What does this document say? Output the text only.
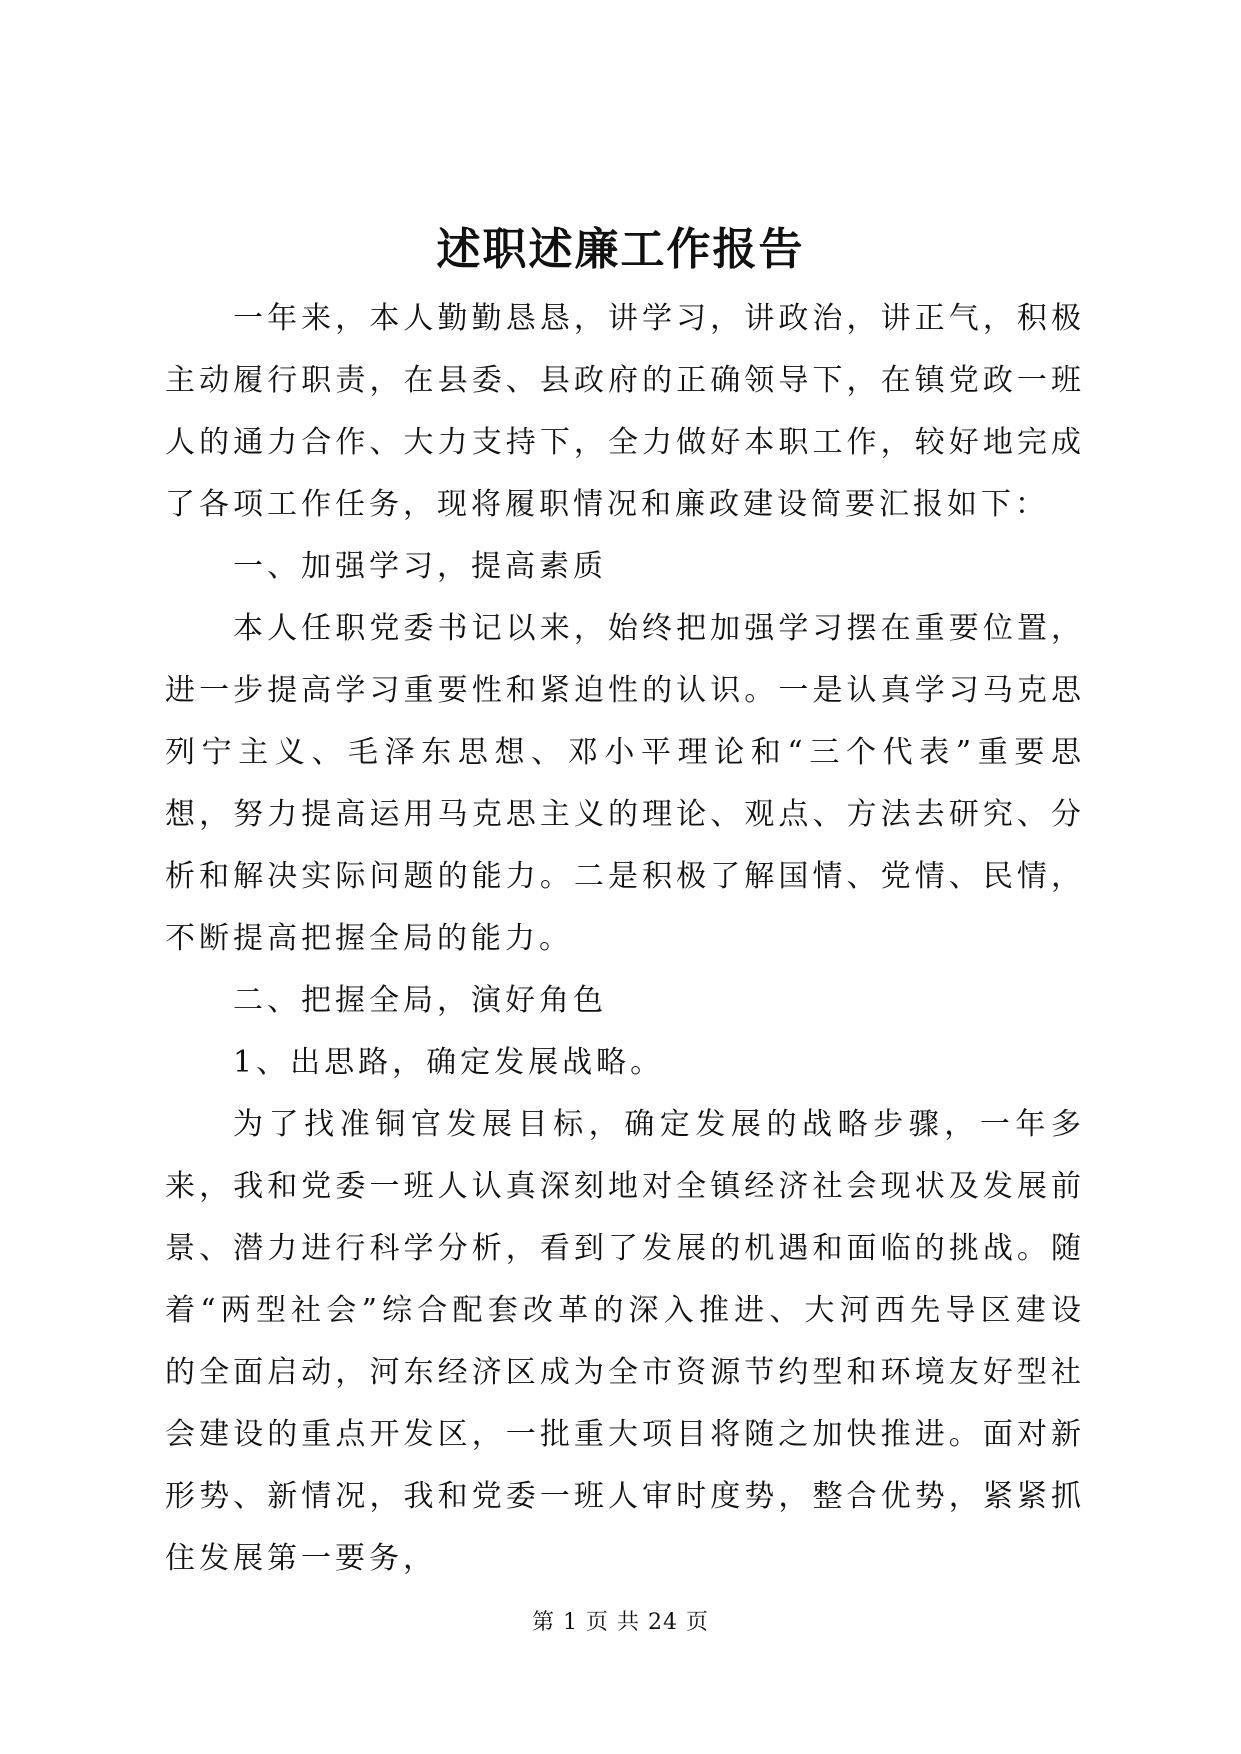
述职述廉工作报告

一年来，本人勤勤恳恳，讲学习，讲政治，讲正气，积极主动履行职责，在县委、县政府的正确领导下，在镇党政一班人的通力合作、大力支持下，全力做好本职工作，较好地完成了各项工作任务，现将履职情况和廉政建设简要汇报如下：

一、加强学习，提高素质

本人任职党委书记以来，始终把加强学习摆在重要位置，进一步提高学习重要性和紧迫性的认识。一是认真学习马克思列宁主义、毛泽东思想、邓小平理论和“三个代表”重要思想，努力提高运用马克思主义的理论、观点、方法去研究、分析和解决实际问题的能力。二是积极了解国情、党情、民情，不断提高把握全局的能力。

二、把握全局，演好角色

1、出思路，确定发展战略。

为了找准铜官发展目标，确定发展的战略步骤，一年多来，我和党委一班人认真深刻地对全镇经济社会现状及发展前景、潜力进行科学分析，看到了发展的机遇和面临的挑战。随着“两型社会”综合配套改革的深入推进、大河西先导区建设的全面启动，河东经济区成为全市资源节约型和环境友好型社会建设的重点开发区，一批重大项目将随之加快推进。面对新形势、新情况，我和党委一班人审时度势，整合优势，紧紧抓住发展第一要务，

第 1 页 共 24 页
